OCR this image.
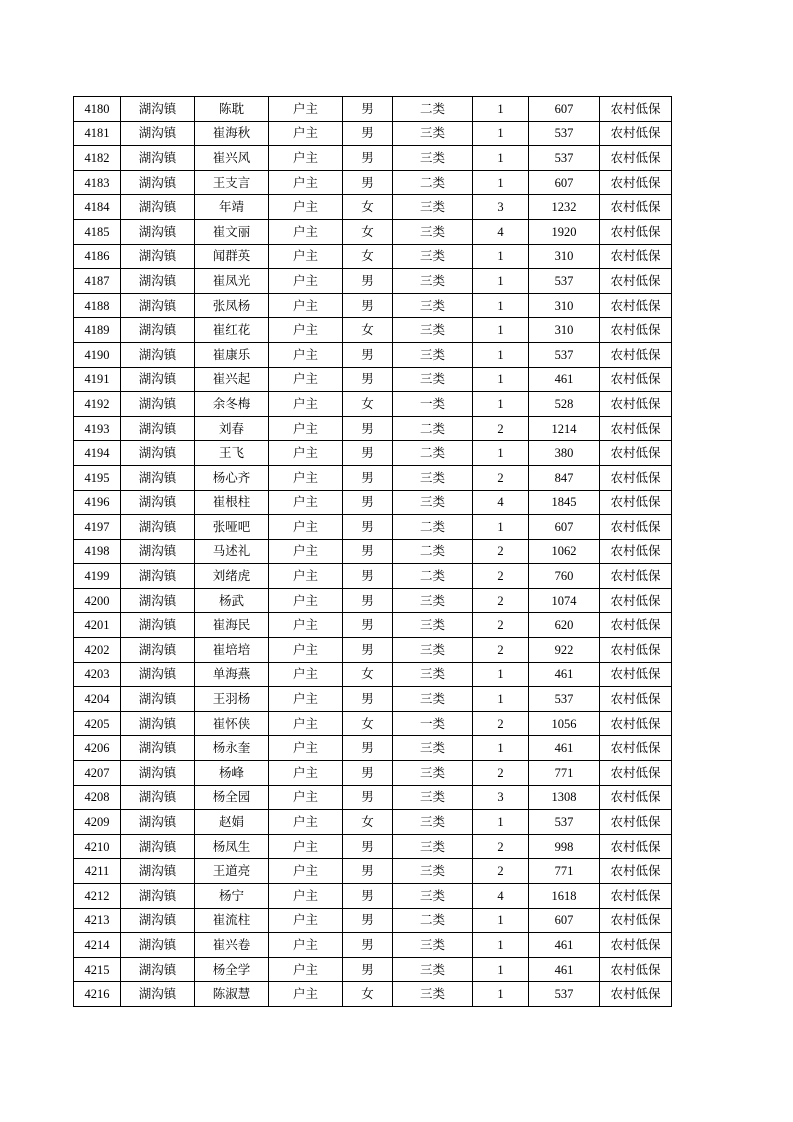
4180	湖沟镇	陈耽	户主	男	二类	1	607	农村低保
4181	湖沟镇	崔海秋	户主	男	三类	1	537	农村低保
4182	湖沟镇	崔兴风	户主	男	三类	1	537	农村低保
4183	湖沟镇	王支言	户主	男	二类	1	607	农村低保
4184	湖沟镇	年靖	户主	女	三类	3	1232	农村低保
4185	湖沟镇	崔文丽	户主	女	三类	4	1920	农村低保
4186	湖沟镇	闻群英	户主	女	三类	1	310	农村低保
4187	湖沟镇	崔凤光	户主	男	三类	1	537	农村低保
4188	湖沟镇	张凤杨	户主	男	三类	1	310	农村低保
4189	湖沟镇	崔红花	户主	女	三类	1	310	农村低保
4190	湖沟镇	崔康乐	户主	男	三类	1	537	农村低保
4191	湖沟镇	崔兴起	户主	男	三类	1	461	农村低保
4192	湖沟镇	余冬梅	户主	女	一类	1	528	农村低保
4193	湖沟镇	刘春	户主	男	二类	2	1214	农村低保
4194	湖沟镇	王飞	户主	男	二类	1	380	农村低保
4195	湖沟镇	杨心齐	户主	男	三类	2	847	农村低保
4196	湖沟镇	崔根柱	户主	男	三类	4	1845	农村低保
4197	湖沟镇	张哑吧	户主	男	二类	1	607	农村低保
4198	湖沟镇	马述礼	户主	男	二类	2	1062	农村低保
4199	湖沟镇	刘绪虎	户主	男	二类	2	760	农村低保
4200	湖沟镇	杨武	户主	男	三类	2	1074	农村低保
4201	湖沟镇	崔海民	户主	男	三类	2	620	农村低保
4202	湖沟镇	崔培培	户主	男	三类	2	922	农村低保
4203	湖沟镇	单海燕	户主	女	三类	1	461	农村低保
4204	湖沟镇	王羽杨	户主	男	三类	1	537	农村低保
4205	湖沟镇	崔怀侠	户主	女	一类	2	1056	农村低保
4206	湖沟镇	杨永奎	户主	男	三类	1	461	农村低保
4207	湖沟镇	杨峰	户主	男	三类	2	771	农村低保
4208	湖沟镇	杨全园	户主	男	三类	3	1308	农村低保
4209	湖沟镇	赵娟	户主	女	三类	1	537	农村低保
4210	湖沟镇	杨凤生	户主	男	三类	2	998	农村低保
4211	湖沟镇	王道亮	户主	男	三类	2	771	农村低保
4212	湖沟镇	杨宁	户主	男	三类	4	1618	农村低保
4213	湖沟镇	崔流柱	户主	男	二类	1	607	农村低保
4214	湖沟镇	崔兴卷	户主	男	三类	1	461	农村低保
4215	湖沟镇	杨全学	户主	男	三类	1	461	农村低保
4216	湖沟镇	陈淑慧	户主	女	三类	1	537	农村低保
